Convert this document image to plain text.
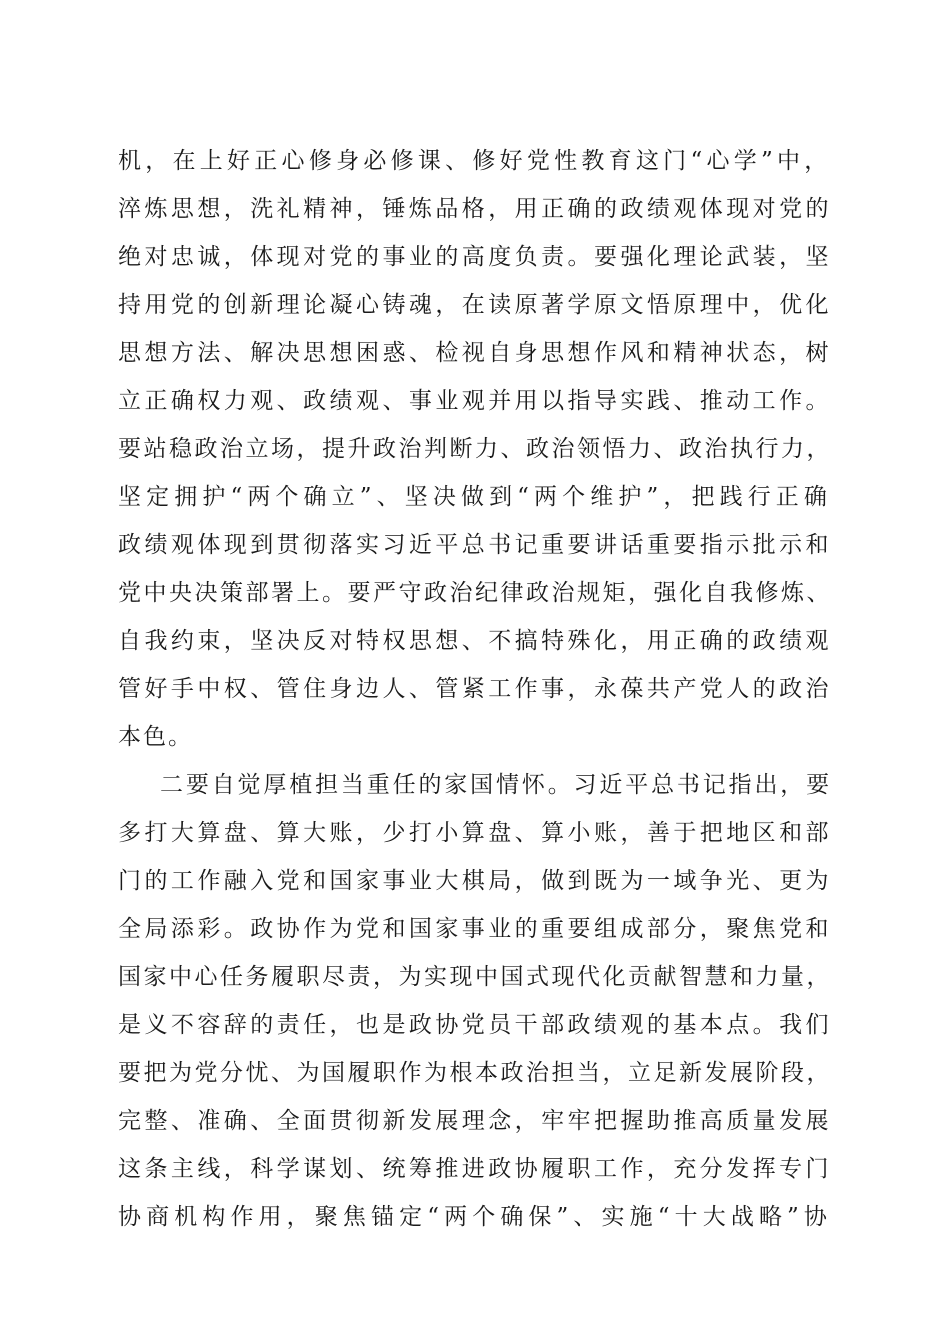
机，在上好正心修身必修课、修好党性教育这门“心学”中，
淬炼思想，洗礼精神，锤炼品格，用正确的政绩观体现对党的
绝对忠诚，体现对党的事业的高度负责。要强化理论武装，坚
持用党的创新理论凝心铸魂，在读原著学原文悟原理中，优化
思想方法、解决思想困惑、检视自身思想作风和精神状态，树
立正确权力观、政绩观、事业观并用以指导实践、推动工作。
要站稳政治立场，提升政治判断力、政治领悟力、政治执行力，
坚定拥护“两个确立”、坚决做到“两个维护”，把践行正确
政绩观体现到贯彻落实习近平总书记重要讲话重要指示批示和
党中央决策部署上。要严守政治纪律政治规矩，强化自我修炼、
自我约束，坚决反对特权思想、不搞特殊化，用正确的政绩观
管好手中权、管住身边人、管紧工作事，永葆共产党人的政治
本色。
二要自觉厚植担当重任的家国情怀。习近平总书记指出，要
多打大算盘、算大账，少打小算盘、算小账，善于把地区和部
门的工作融入党和国家事业大棋局，做到既为一域争光、更为
全局添彩。政协作为党和国家事业的重要组成部分，聚焦党和
国家中心任务履职尽责，为实现中国式现代化贡献智慧和力量，
是义不容辞的责任，也是政协党员干部政绩观的基本点。我们
要把为党分忧、为国履职作为根本政治担当，立足新发展阶段，
完整、准确、全面贯彻新发展理念，牢牢把握助推高质量发展
这条主线，科学谋划、统筹推进政协履职工作，充分发挥专门
协商机构作用，聚焦锚定“两个确保”、实施“十大战略”协
